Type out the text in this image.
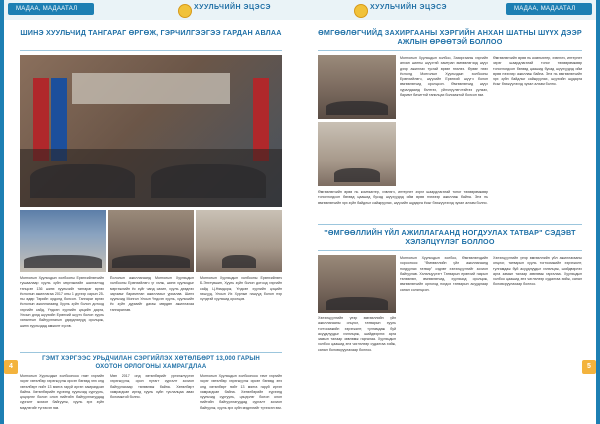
МАДАА, МАДААТАЛ	ХУУЛЬЧИЙН ЭЦЭСЭ
ШИНЭ ХУУЛЬЧИД ТАНГАРАГ ӨРГӨЖ, ГЭРЧИЛГЭЭГЭЭ ГАРДАН АВЛАА
Монголын Хуульчдын холбооны Ерөнхийлөгчийн тушаалаар хууль зүйн мэргэжлийн шалгалтад тэнцсэн 136 шинэ хуульчийг тангараг өргөх ёслолын ажиллагаа 2017 оны 1 дүгээр сарын 25-ны өдөр Төрийн ордонд болсон. Тангараг өргөх ёслолын ажиллагаанд Хууль зүйн болон дотоод хэргийн сайд, Үндсэн хуулийн цэцийн дарга, Улсын дээд шүүхийн Ерөнхий шүүгч болон хууль хяналтын байгууллагын удирдлагууд оролцож, шинэ хуульчдад амжилт хүсэв.
Ёслолын ажиллагаанд Монголын Хуульчдын холбооны Ерөнхийлөгч үг хэлж, шинэ хуульчдыг мэргэжлийн ёс зүйг чанд сахин, хууль дээдлэх зарчмыг баримтлан ажиллахыг уриалав. Шинэ хуульчид Монгол Улсын Үндсэн хууль, хуульчийн ёс зүйн дүрмийг дагаж мөрдөн ажиллахаа тангараглав.
Монголын Хуульчдын холбооны Ерөнхийлөгч Б.Энхтүвшин, Хууль зүйн болон дотоод хэргийн сайд Ц.Нямдорж, Үндсэн хуулийн цэцийн гишүүд, Улсын Их Хурлын гишүүд болон нэр хүндтэй хуульчид оролцов.
ГЭМТ ХЭРГЭЭС УРЬДЧИЛАН СЭРГИЙЛЭХ ХӨТӨЛБӨРТ 13,000 ГАРЫН ОХОТОН ОРЛОГОНЫ ХАМРАГДЛАА
Монголын Хуульчдын холбооноос гэмт хэргийн эсрэг хөтөлбөр хэрэгжүүлж ирсэн бөгөөд энэ онд хөтөлбөрт нийт 13 мянга гаруй иргэн хамрагдсан байна. Хөтөлбөрийн хүрээнд хуульчид сургууль, цэцэрлэг болон олон нийтийн байгууллагуудад сургалт зохион байгуулж, хууль эрх зүйн мэдлэгийг түгээсэн юм.
Мөн 2017 онд хөтөлбөрийг үргэлжлүүлэн хэрэгжүүлж, орон нутагт сургалт зохион байгуулахаар төлөвлөж байна. Хөтөлбөрт хамрагдсан иргэд хууль зүйн туслалцаа авах боломжтой болно.
Монголын Хуульчдын холбооноос гэмт хэргийн эсрэг хөтөлбөр хэрэгжүүлж ирсэн бөгөөд энэ онд хөтөлбөрт нийт 13 мянга гаруй иргэн хамрагдсан байна. Хөтөлбөрийн хүрээнд хуульчид сургууль, цэцэрлэг болон олон нийтийн байгууллагуудад сургалт зохион байгуулж, хууль эрх зүйн мэдлэгийг түгээсэн юм.
4
ХУУЛЬЧИЙН ЭЦЭСЭ	МАДАА, МАДААТАЛ
ӨМГӨӨЛӨГЧИЙД ЗАХИРГААНЫ ХЭРГИЙН АНХАН ШАТНЫ ШҮҮХ ДЭЭР АЖЛЫН ӨРӨӨТЭЙ БОЛЛОО
Монголын Хуульчдын холбоо, Захиргааны хэргийн анхан шатны шүүхтэй хамтран өмгөөлөгчид шүүх дээр ажиллах тусгай өрөөг нээлээ. Өрөөг нээх ёслолд Монголын Хуульчдын холбооны Ерөнхийлөгч, шүүхийн Ерөнхий шүүгч болон өмгөөлөгчид оролцсон. Өмгөөлөгчид шүүх хуралдаанд бэлтгэх, үйлчлүүлэгчтэйгээ уулзах, баримт бичигтэй танилцах боломжтой болсон юм.
Өмгөөлөгчийн өрөө нь компьютер, хэвлэгч, интернэт зэрэг шаардлагатай тоног төхөөрөмжөөр тоноглогдсон бөгөөд цаашид бусад шүүхүүдэд ийм өрөө нээхээр ажиллаж байна. Энэ нь өмгөөлөгчийн эрх зүйн байдлыг сайжруулах, шүүхийн шударга ёсыг бэхжүүлэхэд чухал алхам болно.
Өмгөөлөгчийн өрөө нь компьютер, хэвлэгч, интернэт зэрэг шаардлагатай тоног төхөөрөмжөөр тоноглогдсон бөгөөд цаашид бусад шүүхүүдэд ийм өрөө нээхээр ажиллаж байна. Энэ нь өмгөөлөгчийн эрх зүйн байдлыг сайжруулах, шүүхийн шударга ёсыг бэхжүүлэхэд чухал алхам болно.
"ӨМГӨӨЛЛИЙН ҮЙЛ АЖИЛЛАГААНД НОГДУУЛАХ ТАТВАР" СЭДЭВТ ХЭЛЭЛЦҮҮЛЭГ БОЛЛОО
Монголын Хуульчдын холбоо, Өмгөөлөгчдийн хорооноос "Өмгөөллийн үйл ажиллагаанд ногдуулах татвар" сэдэвт хэлэлцүүлгийг зохион байгуулав. Хэлэлцүүлэгт Татварын ерөнхий газрын төлөөлөл, өмгөөлөгчид, хуульчид оролцож, өмгөөлөгчийн орлогод ногдох татварын асуудлаар санал солилцсон.
Хэлэлцүүлгийн үеэр өмгөөллийн үйл ажиллагааны онцлог, татварын хууль тогтоомжийн хэрэгжилт, тулгамдаж буй асуудлуудыг хэлэлцэж, шийдвэрлэх арга замын талаар зөвлөмж гаргалаа. Хуульчдын холбоо цаашид энэ чиглэлээр судалгаа хийж, санал боловсруулахаар боллоо.
Хэлэлцүүлгийн үеэр өмгөөллийн үйл ажиллагааны онцлог, татварын хууль тогтоомжийн хэрэгжилт, тулгамдаж буй асуудлуудыг хэлэлцэж, шийдвэрлэх арга замын талаар зөвлөмж гаргалаа. Хуульчдын холбоо цаашид энэ чиглэлээр судалгаа хийж, санал боловсруулахаар боллоо.
5
